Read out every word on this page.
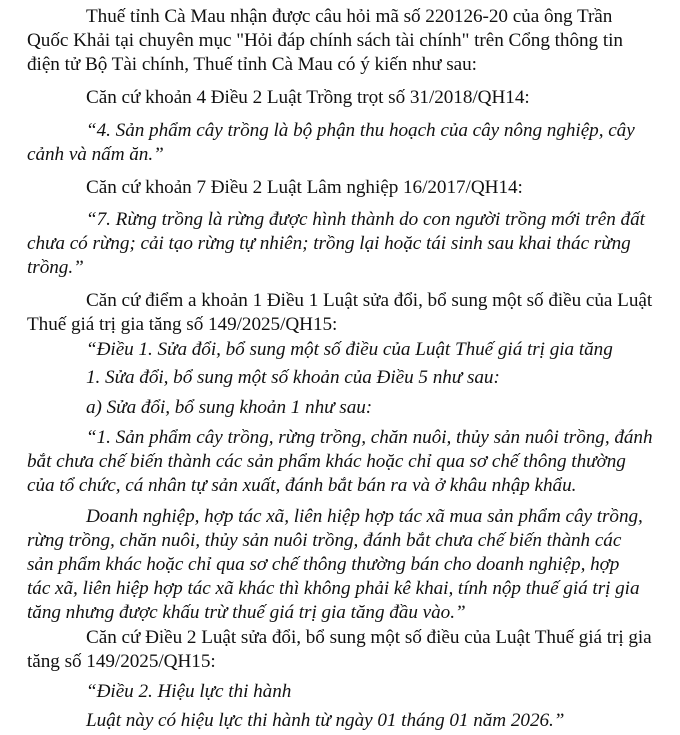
Thuế tỉnh Cà Mau nhận được câu hỏi mã số 220126-20 của ông Trần
Quốc Khải tại chuyên mục "Hỏi đáp chính sách tài chính" trên Cổng thông tin
điện tử Bộ Tài chính, Thuế tỉnh Cà Mau có ý kiến như sau:
Căn cứ khoản 4 Điều 2 Luật Trồng trọt số 31/2018/QH14:
“4. Sản phẩm cây trồng là bộ phận thu hoạch của cây nông nghiệp, cây
cảnh và nấm ăn.”
Căn cứ khoản 7 Điều 2 Luật Lâm nghiệp 16/2017/QH14:
“7. Rừng trồng là rừng được hình thành do con người trồng mới trên đất
chưa có rừng; cải tạo rừng tự nhiên; trồng lại hoặc tái sinh sau khai thác rừng
trồng.”
Căn cứ điểm a khoản 1 Điều 1 Luật sửa đổi, bổ sung một số điều của Luật
Thuế giá trị gia tăng số 149/2025/QH15:
“Điều 1. Sửa đổi, bổ sung một số điều của Luật Thuế giá trị gia tăng
1. Sửa đổi, bổ sung một số khoản của Điều 5 như sau:
a) Sửa đổi, bổ sung khoản 1 như sau:
“1. Sản phẩm cây trồng, rừng trồng, chăn nuôi, thủy sản nuôi trồng, đánh
bắt chưa chế biến thành các sản phẩm khác hoặc chỉ qua sơ chế thông thường
của tổ chức, cá nhân tự sản xuất, đánh bắt bán ra và ở khâu nhập khẩu.
Doanh nghiệp, hợp tác xã, liên hiệp hợp tác xã mua sản phẩm cây trồng,
rừng trồng, chăn nuôi, thủy sản nuôi trồng, đánh bắt chưa chế biến thành các
sản phẩm khác hoặc chỉ qua sơ chế thông thường bán cho doanh nghiệp, hợp
tác xã, liên hiệp hợp tác xã khác thì không phải kê khai, tính nộp thuế giá trị gia
tăng nhưng được khấu trừ thuế giá trị gia tăng đầu vào.”
Căn cứ Điều 2 Luật sửa đổi, bổ sung một số điều của Luật Thuế giá trị gia
tăng số 149/2025/QH15:
“Điều 2. Hiệu lực thi hành
Luật này có hiệu lực thi hành từ ngày 01 tháng 01 năm 2026.”
